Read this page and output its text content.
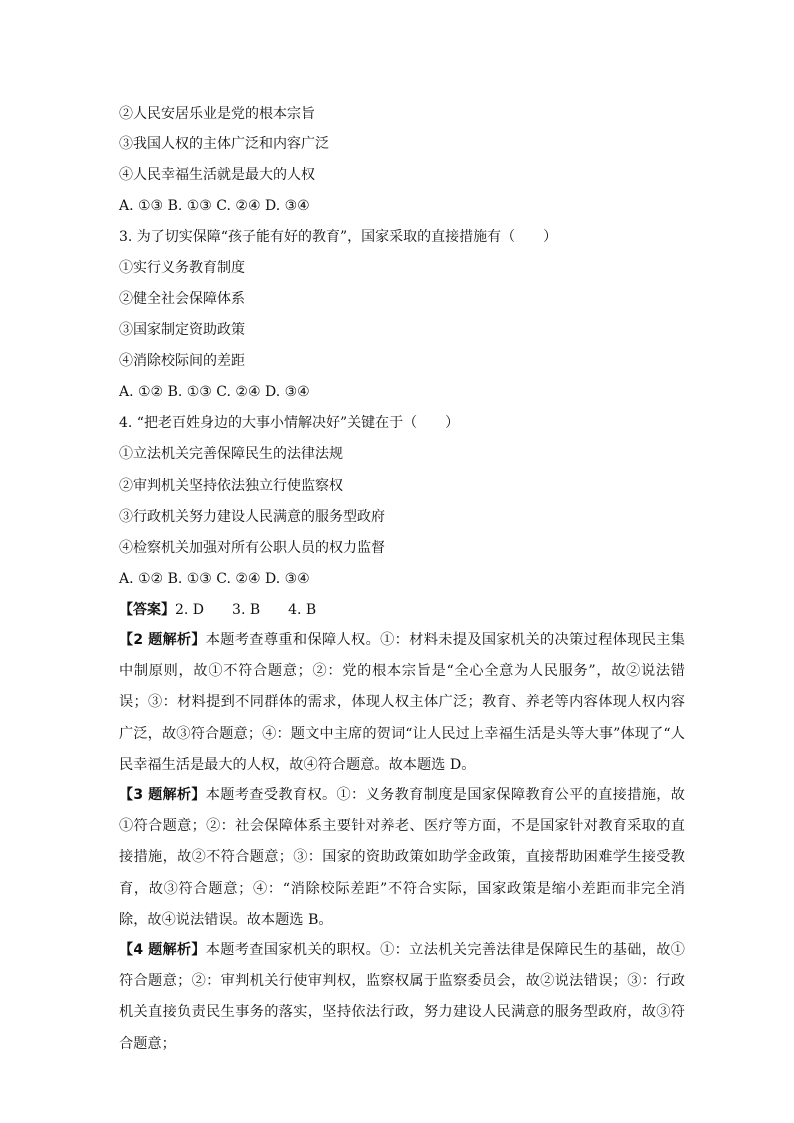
②人民安居乐业是党的根本宗旨
③我国人权的主体广泛和内容广泛
④人民幸福生活就是最大的人权
A. ①③ B. ①③ C. ②④ D. ③④
3. 为了切实保障“孩子能有好的教育”，国家采取的直接措施有（　　）
①实行义务教育制度
②健全社会保障体系
③国家制定资助政策
④消除校际间的差距
A. ①② B. ①③ C. ②④ D. ③④
4. “把老百姓身边的大事小情解决好”关键在于（　　）
①立法机关完善保障民生的法律法规
②审判机关坚持依法独立行使监察权
③行政机关努力建设人民满意的服务型政府
④检察机关加强对所有公职人员的权力监督
A. ①② B. ①③ C. ②④ D. ③④
【答案】2. D　　3. B　　4. B

【2 题解析】本题考查尊重和保障人权。①：材料未提及国家机关的决策过程体现民主集中制原则，故①不符合题意；②：党的根本宗旨是“全心全意为人民服务”，故②说法错误；③：材料提到不同群体的需求，体现人权主体广泛；教育、养老等内容体现人权内容广泛，故③符合题意；④：题文中主席的贺词“让人民过上幸福生活是头等大事”体现了“人民幸福生活是最大的人权，故④符合题意。故本题选 D。

【3 题解析】本题考查受教育权。①：义务教育制度是国家保障教育公平的直接措施，故①符合题意；②：社会保障体系主要针对养老、医疗等方面，不是国家针对教育采取的直接措施，故②不符合题意；③：国家的资助政策如助学金政策，直接帮助困难学生接受教育，故③符合题意；④：“消除校际差距”不符合实际，国家政策是缩小差距而非完全消除，故④说法错误。故本题选 B。

【4 题解析】本题考查国家机关的职权。①：立法机关完善法律是保障民生的基础，故①符合题意；②：审判机关行使审判权，监察权属于监察委员会，故②说法错误；③：行政机关直接负责民生事务的落实，坚持依法行政，努力建设人民满意的服务型政府，故③符合题意；
